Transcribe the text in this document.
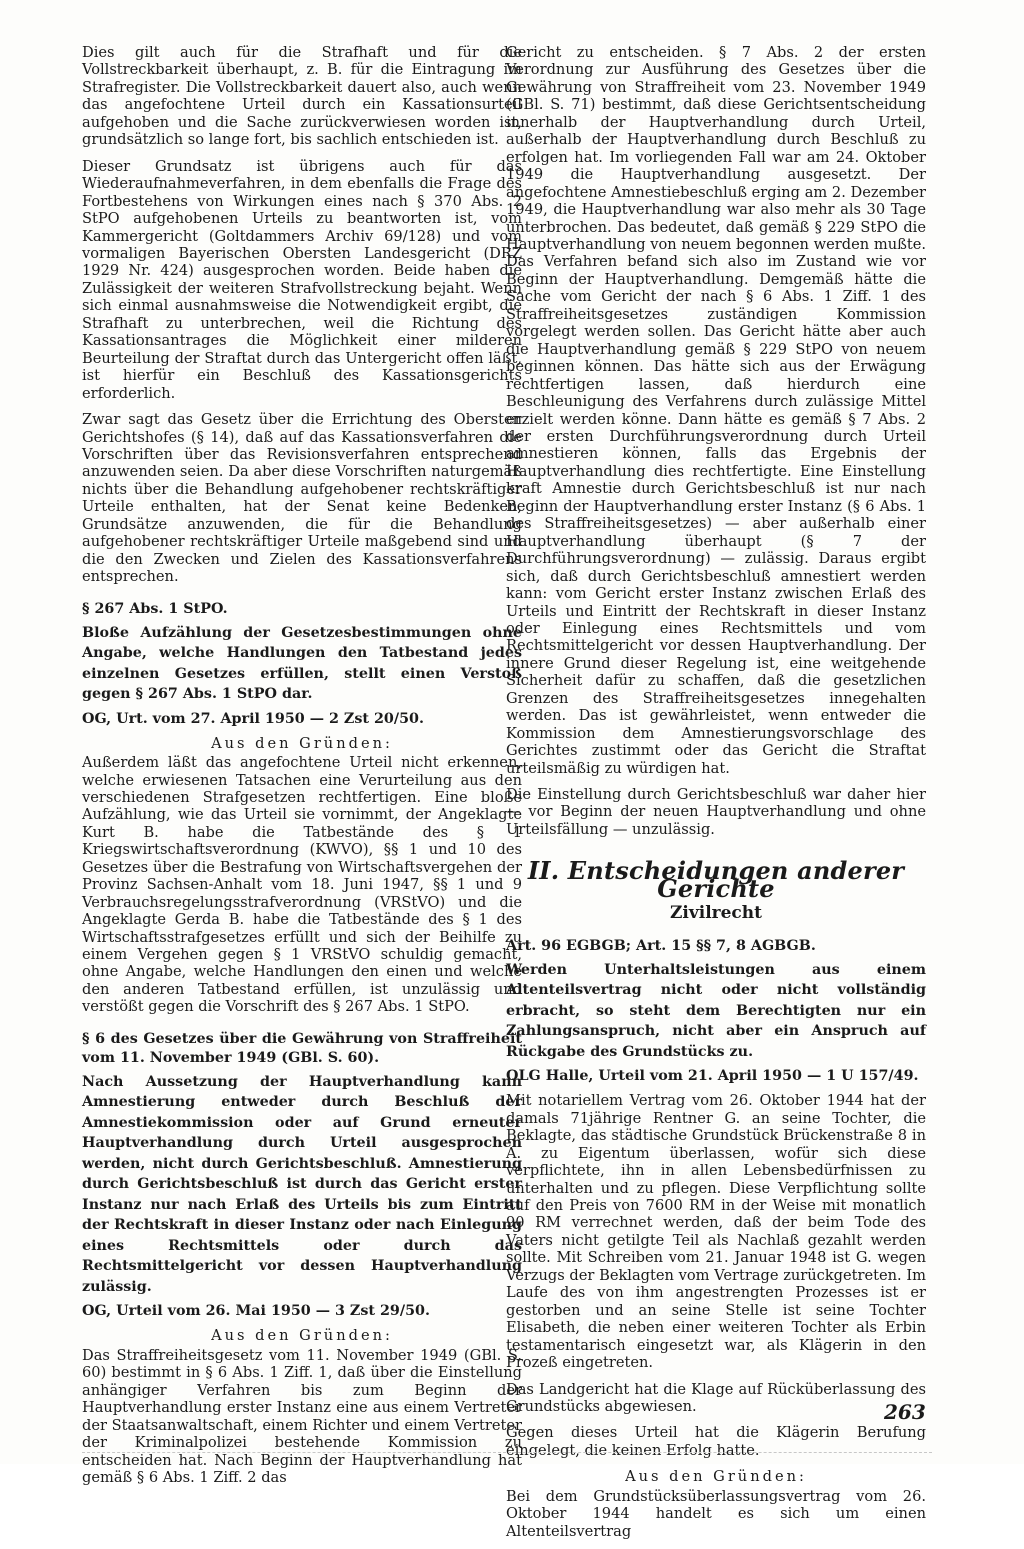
Dies gilt auch für die Strafhaft und für die Vollstreckbarkeit überhaupt, z. B. für die Eintragung im Strafregister. Die Vollstreckbarkeit dauert also, auch wenn das angefochtene Urteil durch ein Kassationsurteil aufgehoben und die Sache zurückverwiesen worden ist, grundsätzlich so lange fort, bis sachlich entschieden ist.

Dieser Grundsatz ist übrigens auch für das Wiederaufnahmeverfahren, in dem ebenfalls die Frage des Fortbestehens von Wirkungen eines nach § 370 Abs. 2 StPO aufgehobenen Urteils zu beantworten ist, vom Kammergericht (Goltdammers Archiv 69/128) und vom vormaligen Bayerischen Obersten Landesgericht (DRZ 1929 Nr. 424) ausgesprochen worden. Beide haben die Zulässigkeit der weiteren Strafvollstreckung bejaht. Wenn sich einmal ausnahmsweise die Notwendigkeit ergibt, die Strafhaft zu unterbrechen, weil die Richtung des Kassationsantrages die Möglichkeit einer milderen Beurteilung der Straftat durch das Untergericht offen läßt, ist hierfür ein Beschluß des Kassationsgerichts erforderlich.

Zwar sagt das Gesetz über die Errichtung des Obersten Gerichtshofes (§ 14), daß auf das Kassationsverfahren die Vorschriften über das Revisionsverfahren entsprechend anzuwenden seien. Da aber diese Vorschriften naturgemäß nichts über die Behandlung aufgehobener rechtskräftiger Urteile enthalten, hat der Senat keine Bedenken, Grundsätze anzuwenden, die für die Behandlung aufgehobener rechtskräftiger Urteile maßgebend sind und die den Zwecken und Zielen des Kassationsverfahrens entsprechen.

§ 267 Abs. 1 StPO.
Bloße Aufzählung der Gesetzesbestimmungen ohne Angabe, welche Handlungen den Tatbestand jedes einzelnen Gesetzes erfüllen, stellt einen Verstoß gegen § 267 Abs. 1 StPO dar.
OG, Urt. vom 27. April 1950 — 2 Zst 20/50.
Aus den Gründen:

Außerdem läßt das angefochtene Urteil nicht erkennen, welche erwiesenen Tatsachen eine Verurteilung aus den verschiedenen Strafgesetzen rechtfertigen. Eine bloße Aufzählung, wie das Urteil sie vornimmt, der Angeklagte Kurt B. habe die Tatbestände des § 1 Kriegswirtschaftsverordnung (KWVO), §§ 1 und 10 des Gesetzes über die Bestrafung von Wirtschaftsvergehen der Provinz Sachsen-Anhalt vom 18. Juni 1947, §§ 1 und 9 Verbrauchsregelungsstrafverordnung (VRStVO) und die Angeklagte Gerda B. habe die Tatbestände des § 1 des Wirtschaftsstrafgesetzes erfüllt und sich der Beihilfe zu einem Vergehen gegen § 1 VRStVO schuldig gemacht, ohne Angabe, welche Handlungen den einen und welche den anderen Tatbestand erfüllen, ist unzulässig und verstößt gegen die Vorschrift des § 267 Abs. 1 StPO.

§ 6 des Gesetzes über die Gewährung von Straffreiheit vom 11. November 1949 (GBl. S. 60).
Nach Aussetzung der Hauptverhandlung kann Amnestierung entweder durch Beschluß der Amnestiekommission oder auf Grund erneuter Hauptverhandlung durch Urteil ausgesprochen werden, nicht durch Gerichtsbeschluß. Amnestierung durch Gerichtsbeschluß ist durch das Gericht erster Instanz nur nach Erlaß des Urteils bis zum Eintritt der Rechtskraft in dieser Instanz oder nach Einlegung eines Rechtsmittels oder durch das Rechtsmittelgericht vor dessen Hauptverhandlung zulässig.
OG, Urteil vom 26. Mai 1950 — 3 Zst 29/50.
Aus den Gründen:

Das Straffreiheitsgesetz vom 11. November 1949 (GBl. S. 60) bestimmt in § 6 Abs. 1 Ziff. 1, daß über die Einstellung anhängiger Verfahren bis zum Beginn der Hauptverhandlung erster Instanz eine aus einem Vertreter der Staatsanwaltschaft, einem Richter und einem Vertreter der Kriminalpolizei bestehende Kommission zu entscheiden hat. Nach Beginn der Hauptverhandlung hat gemäß § 6 Abs. 1 Ziff. 2 das

Gericht zu entscheiden. § 7 Abs. 2 der ersten Verordnung zur Ausführung des Gesetzes über die Gewährung von Straffreiheit vom 23. November 1949 (GBl. S. 71) bestimmt, daß diese Gerichtsentscheidung innerhalb der Hauptverhandlung durch Urteil, außerhalb der Hauptverhandlung durch Beschluß zu erfolgen hat. Im vorliegenden Fall war am 24. Oktober 1949 die Hauptverhandlung ausgesetzt. Der angefochtene Amnestiebeschluß erging am 2. Dezember 1949, die Hauptverhandlung war also mehr als 30 Tage unterbrochen. Das bedeutet, daß gemäß § 229 StPO die Hauptverhandlung von neuem begonnen werden mußte. Das Verfahren befand sich also im Zustand wie vor Beginn der Hauptverhandlung. Demgemäß hätte die Sache vom Gericht der nach § 6 Abs. 1 Ziff. 1 des Straffreiheitsgesetzes zuständigen Kommission vorgelegt werden sollen. Das Gericht hätte aber auch die Hauptverhandlung gemäß § 229 StPO von neuem beginnen können. Das hätte sich aus der Erwägung rechtfertigen lassen, daß hierdurch eine Beschleunigung des Verfahrens durch zulässige Mittel erzielt werden könne. Dann hätte es gemäß § 7 Abs. 2 der ersten Durchführungsverordnung durch Urteil amnestieren können, falls das Ergebnis der Hauptverhandlung dies rechtfertigte. Eine Einstellung kraft Amnestie durch Gerichtsbeschluß ist nur nach Beginn der Hauptverhandlung erster Instanz (§ 6 Abs. 1 des Straffreiheitsgesetzes) — aber außerhalb einer Hauptverhandlung überhaupt (§ 7 der Durchführungsverordnung) — zulässig. Daraus ergibt sich, daß durch Gerichtsbeschluß amnestiert werden kann: vom Gericht erster Instanz zwischen Erlaß des Urteils und Eintritt der Rechtskraft in dieser Instanz oder Einlegung eines Rechtsmittels und vom Rechtsmittelgericht vor dessen Hauptverhandlung. Der innere Grund dieser Regelung ist, eine weitgehende Sicherheit dafür zu schaffen, daß die gesetzlichen Grenzen des Straffreiheitsgesetzes innegehalten werden. Das ist gewährleistet, wenn entweder die Kommission dem Amnestierungsvorschlage des Gerichtes zustimmt oder das Gericht die Straftat urteilsmäßig zu würdigen hat.

Die Einstellung durch Gerichtsbeschluß war daher hier — vor Beginn der neuen Hauptverhandlung und ohne Urteilsfällung — unzulässig.

II. Entscheidungen anderer Gerichte
Zivilrecht
Art. 96 EGBGB; Art. 15 §§ 7, 8 AGBGB.
Werden Unterhaltsleistungen aus einem Altenteilsvertrag nicht oder nicht vollständig erbracht, so steht dem Berechtigten nur ein Zahlungsanspruch, nicht aber ein Anspruch auf Rückgabe des Grundstücks zu.
OLG Halle, Urteil vom 21. April 1950 — 1 U 157/49.

Mit notariellem Vertrag vom 26. Oktober 1944 hat der damals 71jährige Rentner G. an seine Tochter, die Beklagte, das städtische Grundstück Brückenstraße 8 in A. zu Eigentum überlassen, wofür sich diese verpflichtete, ihn in allen Lebensbedürfnissen zu unterhalten und zu pflegen. Diese Verpflichtung sollte auf den Preis von 7600 RM in der Weise mit monatlich 90 RM verrechnet werden, daß der beim Tode des Vaters nicht getilgte Teil als Nachlaß gezahlt werden sollte. Mit Schreiben vom 21. Januar 1948 ist G. wegen Verzugs der Beklagten vom Vertrage zurückgetreten. Im Laufe des von ihm angestrengten Prozesses ist er gestorben und an seine Stelle ist seine Tochter Elisabeth, die neben einer weiteren Tochter als Erbin testamentarisch eingesetzt war, als Klägerin in den Prozeß eingetreten.

Das Landgericht hat die Klage auf Rücküberlassung des Grundstücks abgewiesen.

Gegen dieses Urteil hat die Klägerin Berufung eingelegt, die keinen Erfolg hatte.

Aus den Gründen:

Bei dem Grundstücksüberlassungsvertrag vom 26. Oktober 1944 handelt es sich um einen Altenteilsvertrag

263
